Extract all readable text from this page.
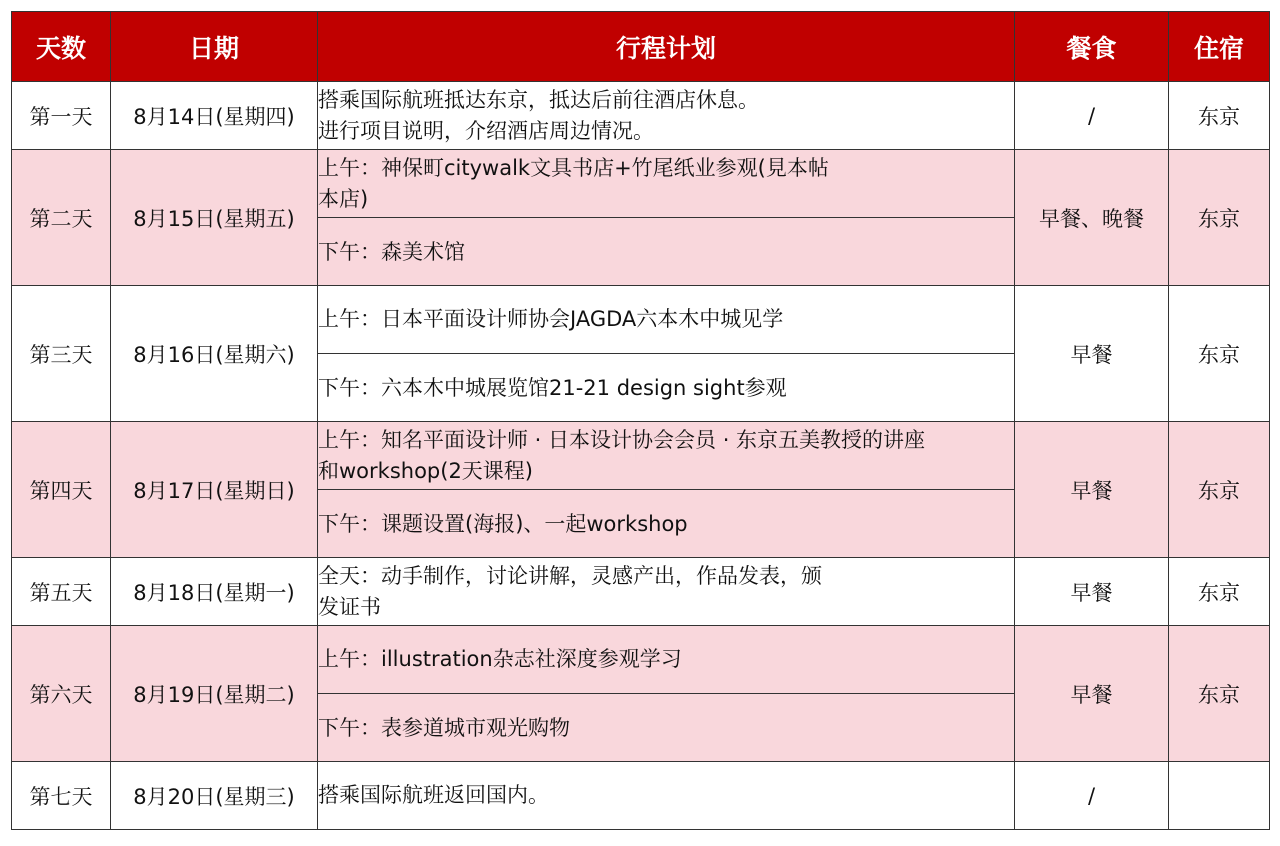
天数	日期	行程计划	餐食	住宿
第一天	8月14日(星期四)	搭乘国际航班抵达东京，抵达后前往酒店休息。
进行项目说明，介绍酒店周边情况。	/	东京
第二天	8月15日(星期五)	上午：神保町citywalk文具书店+竹尾纸业参观(見本帖
本店)	早餐、晚餐	东京
		下午：森美术馆		
第三天	8月16日(星期六)	上午：日本平面设计师协会JAGDA六本木中城见学	早餐	东京
		下午：六本木中城展览馆21-21 design sight参观		
第四天	8月17日(星期日)	上午：知名平面设计师 · 日本设计协会会员 · 东京五美教授的讲座
和workshop(2天课程)	早餐	东京
		下午：课题设置(海报)、一起workshop		
第五天	8月18日(星期一)	全天：动手制作，讨论讲解，灵感产出，作品发表，颁
发证书	早餐	东京
第六天	8月19日(星期二)	上午：illustration杂志社深度参观学习	早餐	东京
		下午：表参道城市观光购物		
第七天	8月20日(星期三)	搭乘国际航班返回国内。	/	
